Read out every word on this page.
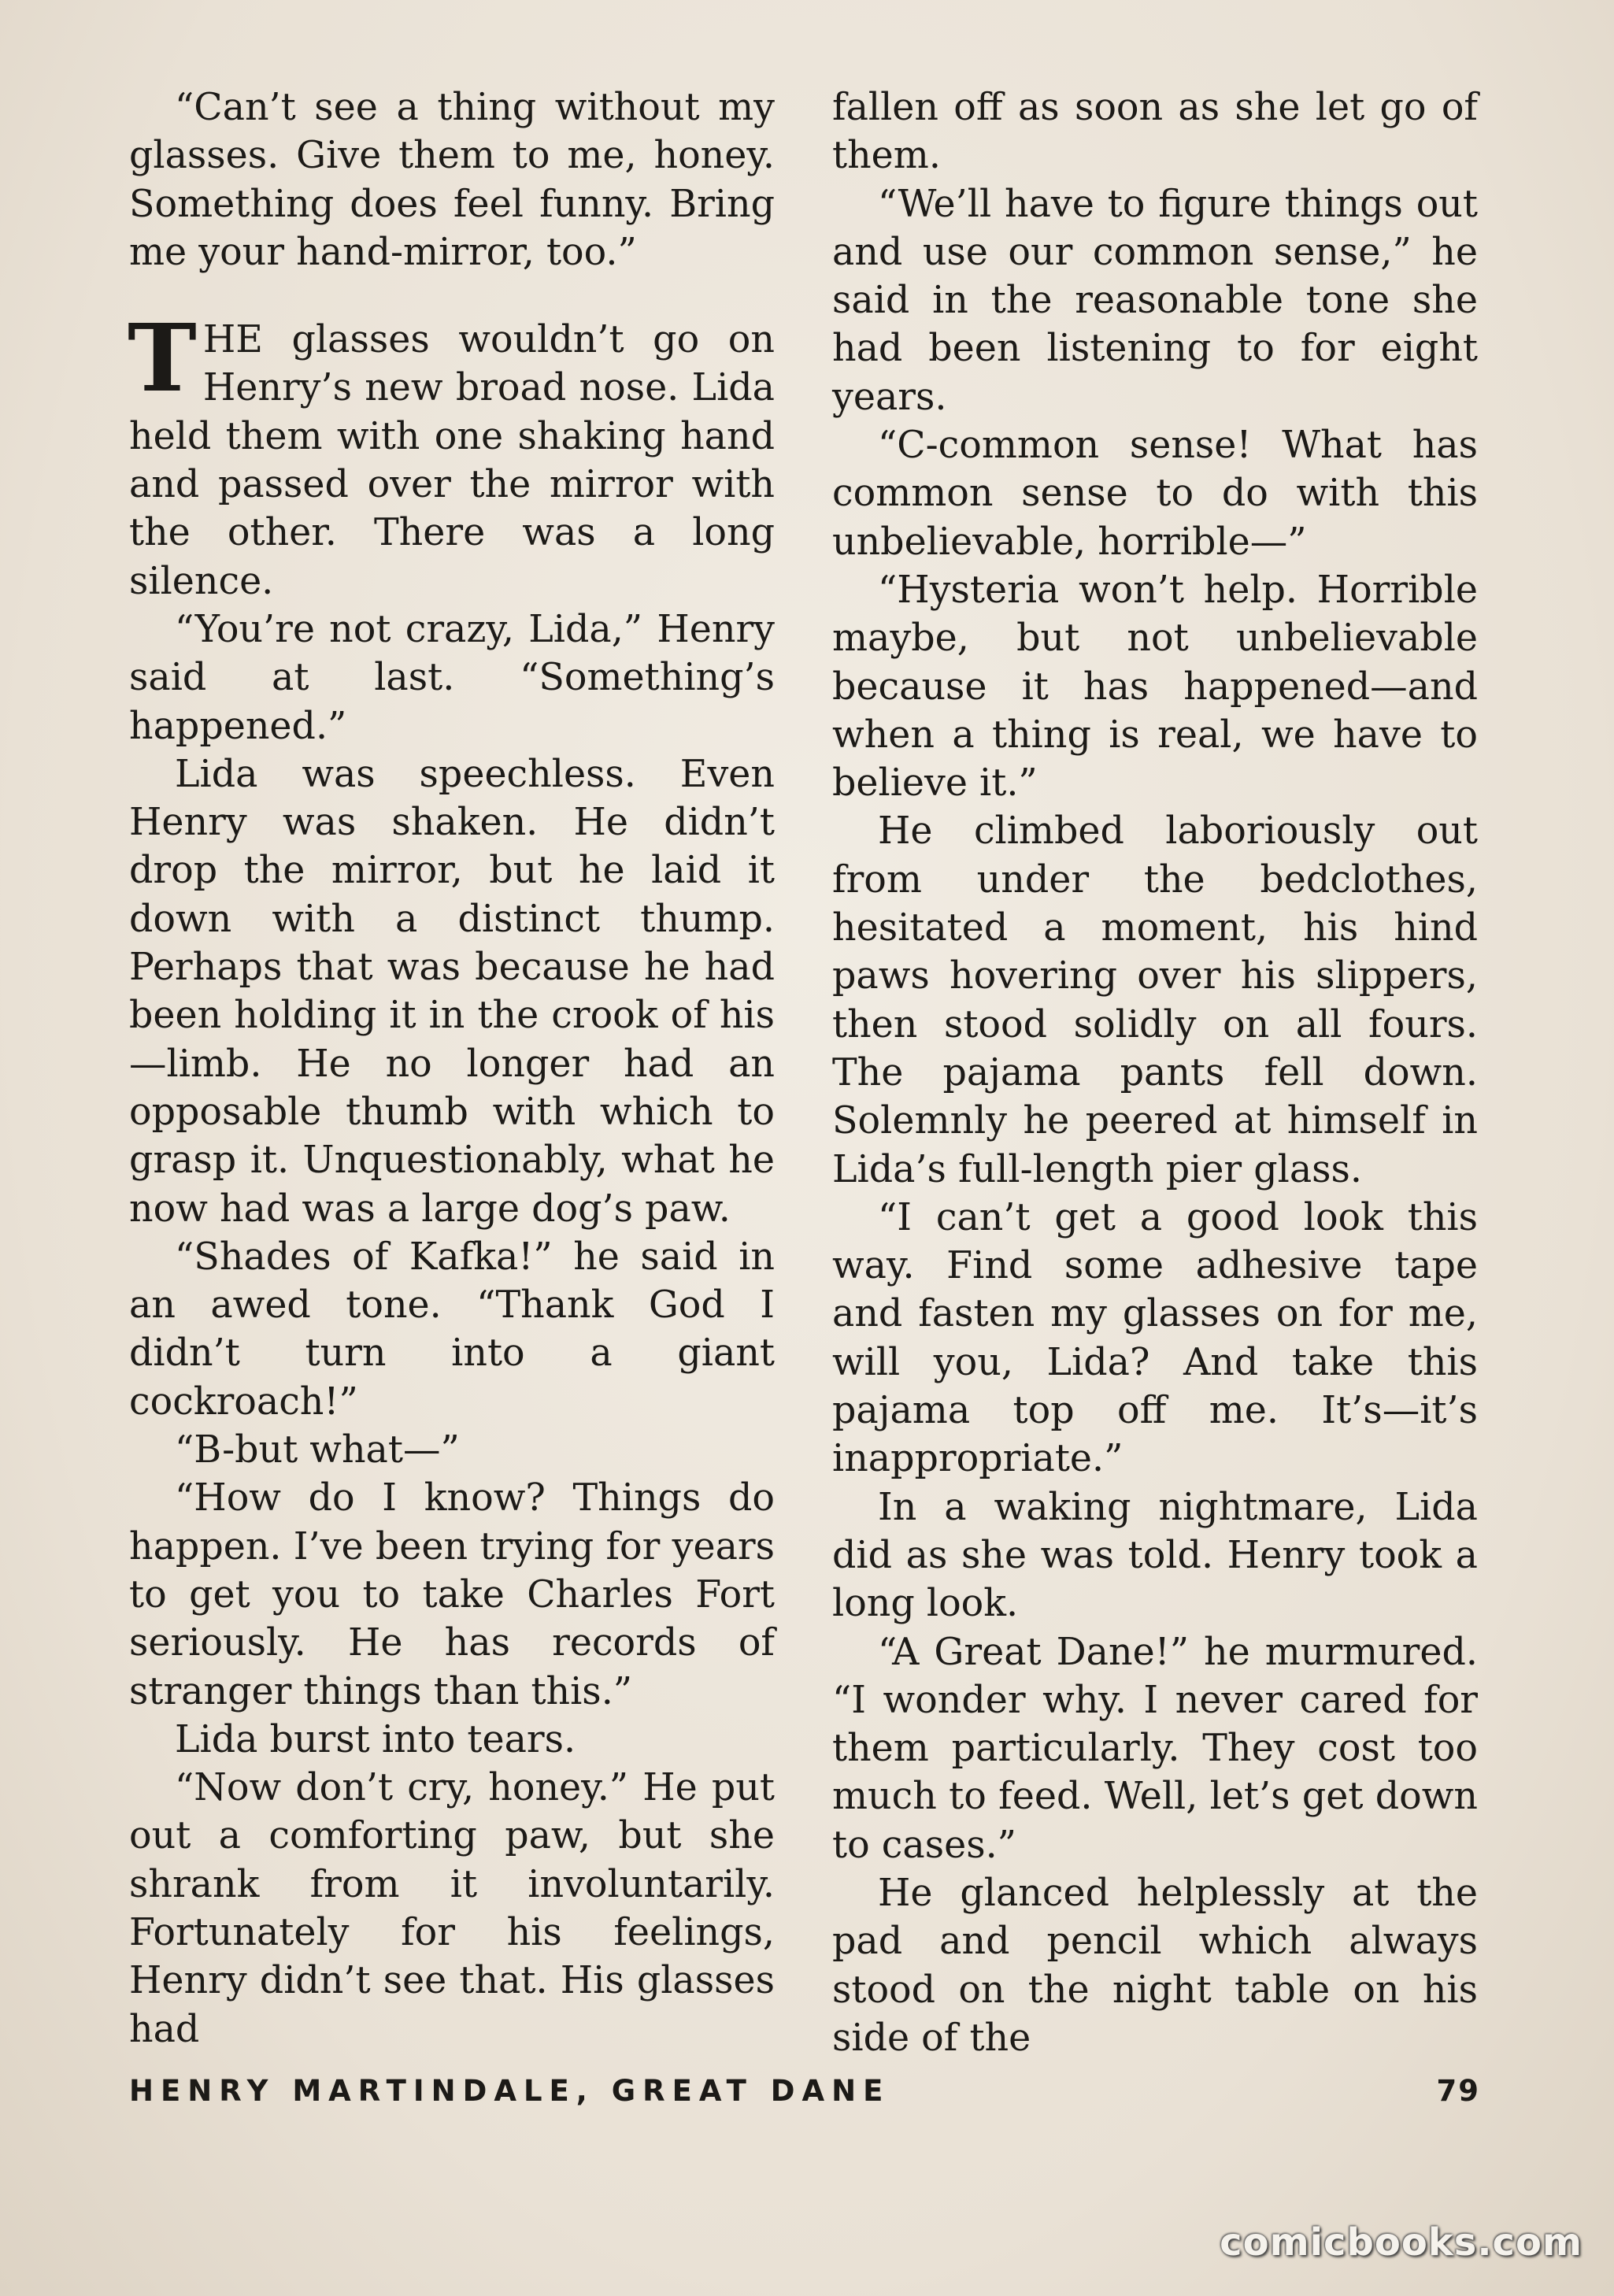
“Can’t see a thing without my glasses. Give them to me, honey. Something does feel funny. Bring me your hand-mirror, too.”

THE glasses wouldn’t go on Henry’s new broad nose. Lida held them with one shaking hand and passed over the mirror with the other. There was a long silence.

“You’re not crazy, Lida,” Henry said at last. “Something’s happened.”

Lida was speechless. Even Henry was shaken. He didn’t drop the mirror, but he laid it down with a distinct thump. Perhaps that was because he had been holding it in the crook of his—limb. He no longer had an opposable thumb with which to grasp it. Unquestionably, what he now had was a large dog’s paw.

“Shades of Kafka!” he said in an awed tone. “Thank God I didn’t turn into a giant cockroach!”

“B-but what—”

“How do I know? Things do happen. I’ve been trying for years to get you to take Charles Fort seriously. He has records of stranger things than this.”

Lida burst into tears.

“Now don’t cry, honey.” He put out a comforting paw, but she shrank from it involuntarily. Fortunately for his feelings, Henry didn’t see that. His glasses had

fallen off as soon as she let go of them.

“We’ll have to figure things out and use our common sense,” he said in the reasonable tone she had been listening to for eight years.

“C-common sense! What has common sense to do with this unbelievable, horrible—”

“Hysteria won’t help. Horrible maybe, but not unbelievable because it has happened—and when a thing is real, we have to believe it.”

He climbed laboriously out from under the bedclothes, hesitated a moment, his hind paws hovering over his slippers, then stood solidly on all fours. The pajama pants fell down. Solemnly he peered at himself in Lida’s full-length pier glass.

“I can’t get a good look this way. Find some adhesive tape and fasten my glasses on for me, will you, Lida? And take this pajama top off me. It’s—it’s inappropriate.”

In a waking nightmare, Lida did as she was told. Henry took a long look.

“A Great Dane!” he murmured. “I wonder why. I never cared for them particularly. They cost too much to feed. Well, let’s get down to cases.”

He glanced helplessly at the pad and pencil which always stood on the night table on his side of the

HENRY MARTINDALE, GREAT DANE	79
comicbooks.com
